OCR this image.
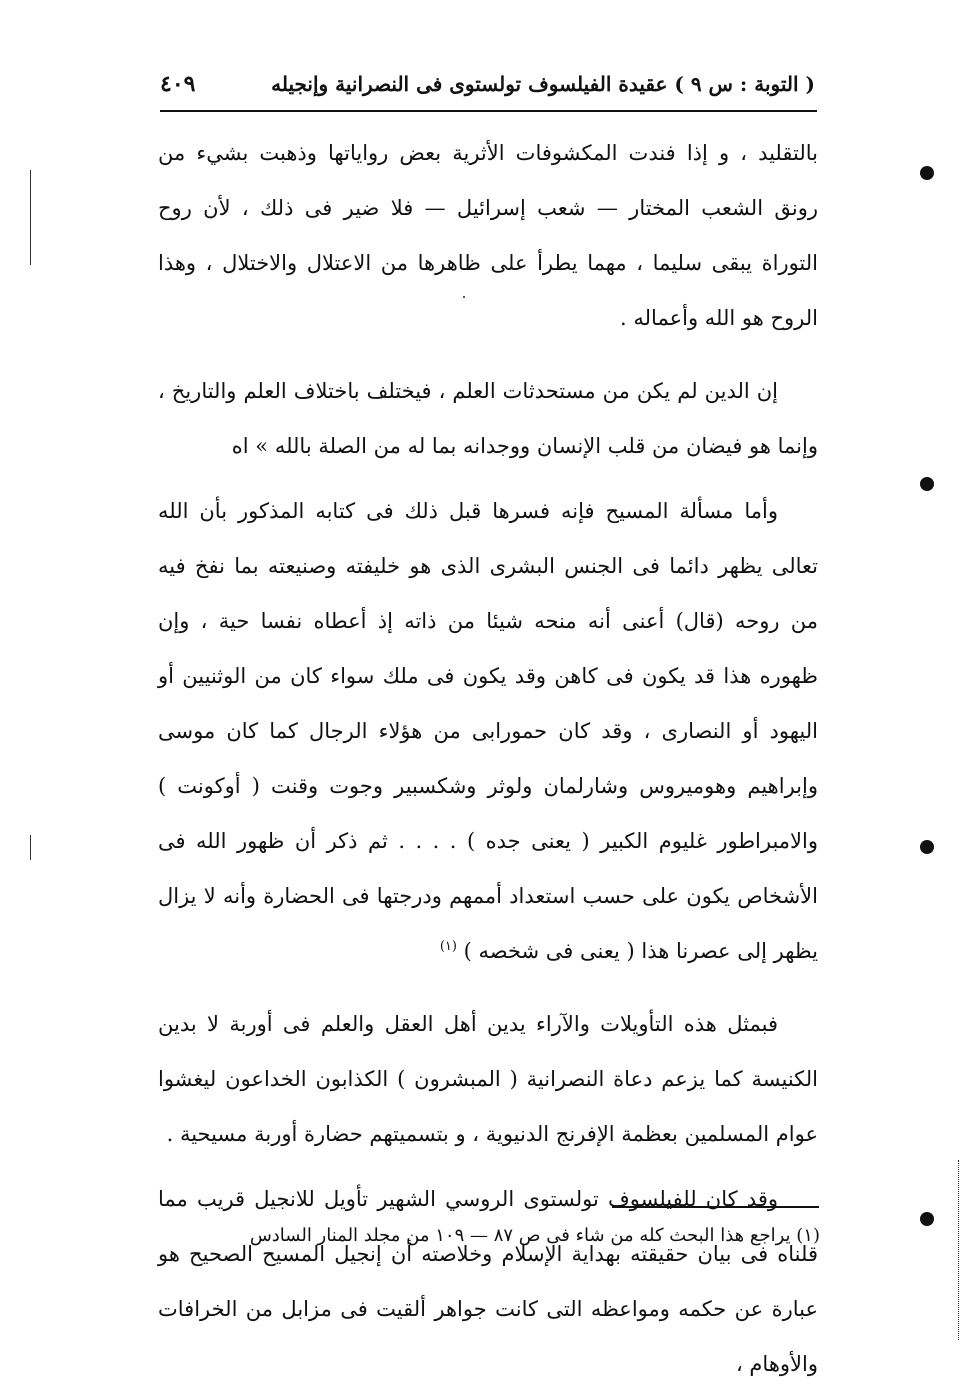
( التوبة : س ٩ ) عقيدة الفيلسوف تولستوى فى النصرانية وإنجيله
٤٠٩

بالتقليد ، و إذا فندت المكشوفات الأثرية بعض رواياتها وذهبت بشيء من رونق الشعب المختار — شعب إسرائيل — فلا ضير فى ذلك ، لأن روح التوراة يبقى سليما ، مهما يطرأ على ظاهرها من الاعتلال والاختلال ، وهذا الروح هو الله وأعماله .

إن الدين لم يكن من مستحدثات العلم ، فيختلف باختلاف العلم والتاريخ ، وإنما هو فيضان من قلب الإنسان ووجدانه بما له من الصلة بالله » اه

وأما مسألة المسيح فإنه فسرها قبل ذلك فى كتابه المذكور بأن الله تعالى يظهر دائما فى الجنس البشرى الذى هو خليفته وصنيعته بما نفخ فيه من روحه (قال) أعنى أنه منحه شيئا من ذاته إذ أعطاه نفسا حية ، وإن ظهوره هذا قد يكون فى كاهن وقد يكون فى ملك سواء كان من الوثنيين أو اليهود أو النصارى ، وقد كان حمورابى من هؤلاء الرجال كما كان موسى وإبراهيم وهوميروس وشارلمان ولوثر وشكسبير وجوت وقنت ( أوكونت ) والامبراطور غليوم الكبير ( يعنى جده ) . . . . ثم ذكر أن ظهور الله فى الأشخاص يكون على حسب استعداد أممهم ودرجتها فى الحضارة وأنه لا يزال يظهر إلى عصرنا هذا ( يعنى فى شخصه ) $^{(١)}$

فبمثل هذه التأويلات والآراء يدين أهل العقل والعلم فى أوربة لا بدين الكنيسة كما يزعم دعاة النصرانية ( المبشرون ) الكذابون الخداعون ليغشوا عوام المسلمين بعظمة الإفرنج الدنيوية ، و بتسميتهم حضارة أوربة مسيحية .

وقد كان للفيلسوف تولستوى الروسي الشهير تأويل للانجيل قريب مما قلناه فى بيان حقيقته بهداية الإسلام وخلاصته أن إنجيل المسيح الصحيح هو عبارة عن حكمه ومواعظه التى كانت جواهر ألقيت فى مزابل من الخرافات والأوهام ،

(١) يراجع هذا البحث كله من شاء فى ص ٨٧ — ١٠٩ من مجلد المنار السادس
